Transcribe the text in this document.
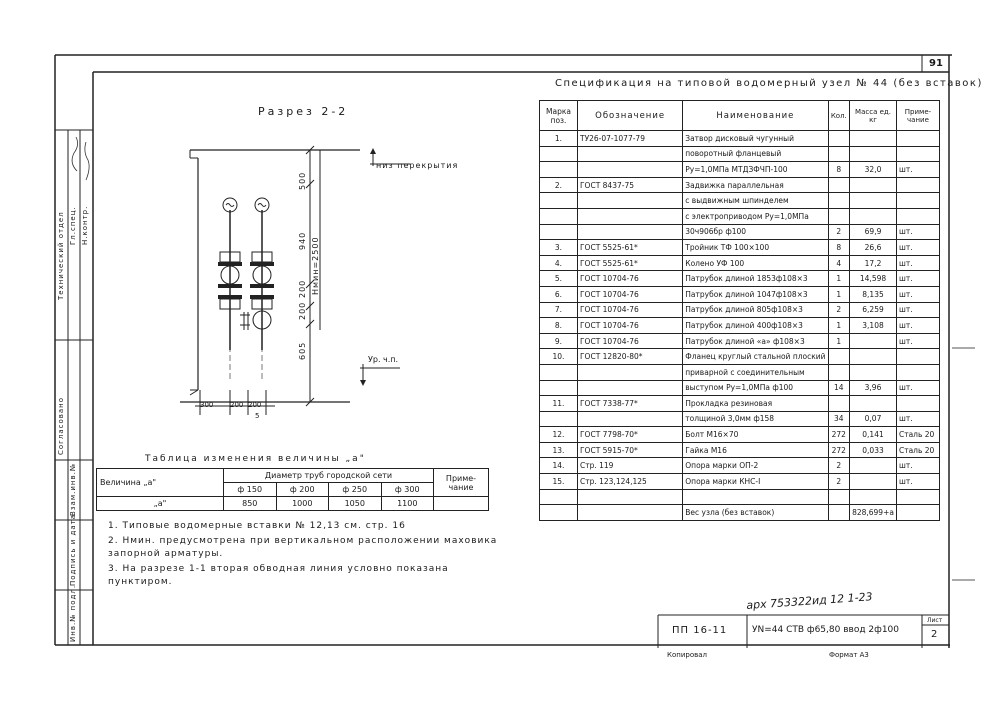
91
Технический отдел Гл.спец. Н.контр.
Согласовано
Взам.инв.№
Подпись и дата
Инв.№ подл.
Разрез 2-2
низ перекрытия
Ур. ч.п.
500
940
200
200
605
Hмин=2500
300 200 200
5
Спецификация на типовой водомерный узел № 44 (без вставок)
Марка поз.	Обозначение	Наименование	Кол.	Масса ед. кг	Приме- чание
1.	ТУ26-07-1077-79	Затвор дисковый чугунный			
		поворотный фланцевый			
		Pу=1,0МПа МТДЗФЧП-100	8	32,0	шт.
2.	ГОСТ 8437-75	Задвижка параллельная			
		с выдвижным шпинделем			
		с электроприводом Рy=1,0МПа			
		30ч906бр ф100	2	69,9	шт.
3.	ГОСТ 5525-61*	Тройник ТФ 100×100	8	26,6	шт.
4.	ГОСТ 5525-61*	Колено УФ 100	4	17,2	шт.
5.	ГОСТ 10704-76	Патрубок длиной 1853ф108×3	1	14,598	шт.
6.	ГОСТ 10704-76	Патрубок длиной 1047ф108×3	1	8,135	шт.
7.	ГОСТ 10704-76	Патрубок длиной 805ф108×3	2	6,259	шт.
8.	ГОСТ 10704-76	Патрубок длиной 400ф108×3	1	3,108	шт.
9.	ГОСТ 10704-76	Патрубок длиной «а» ф108×3	1		шт.
10.	ГОСТ 12820-80*	Фланец круглый стальной плоский			
		приварной с соединительным			
		выступом Pу=1,0МПа ф100	14	3,96	шт.
11.	ГОСТ 7338-77*	Прокладка резиновая			
		толщиной 3,0мм ф158	34	0,07	шт.
12.	ГОСТ 7798-70*	Болт М16×70	272	0,141	Сталь 20
13.	ГОСТ 5915-70*	Гайка М16	272	0,033	Сталь 20
14.	Стр. 119	Опора марки ОП-2	2		шт.
15.	Стр. 123,124,125	Опора марки КНС-I	2		шт.

		Вес узла (без вставок)		828,699+а	
Таблица изменения величины „а"
Величина „а"	Диаметр труб городской сети				Приме- чание
	ф 150	ф 200	ф 250	ф 300	
„а"	850	1000	1050	1100	
1. Типовые водомерные вставки № 12,13 см. стр. 16
2. Нмин. предусмотрена при вертикальном расположении маховика запорной арматуры.
3. На разрезе 1-1 вторая обводная линия условно показана пунктиром.
арх 753322ид 12 1-23
ПП 16-11	УN=44 СТВ ф65,80 ввод 2ф100
Лист
2
Копировал	Формат А3
